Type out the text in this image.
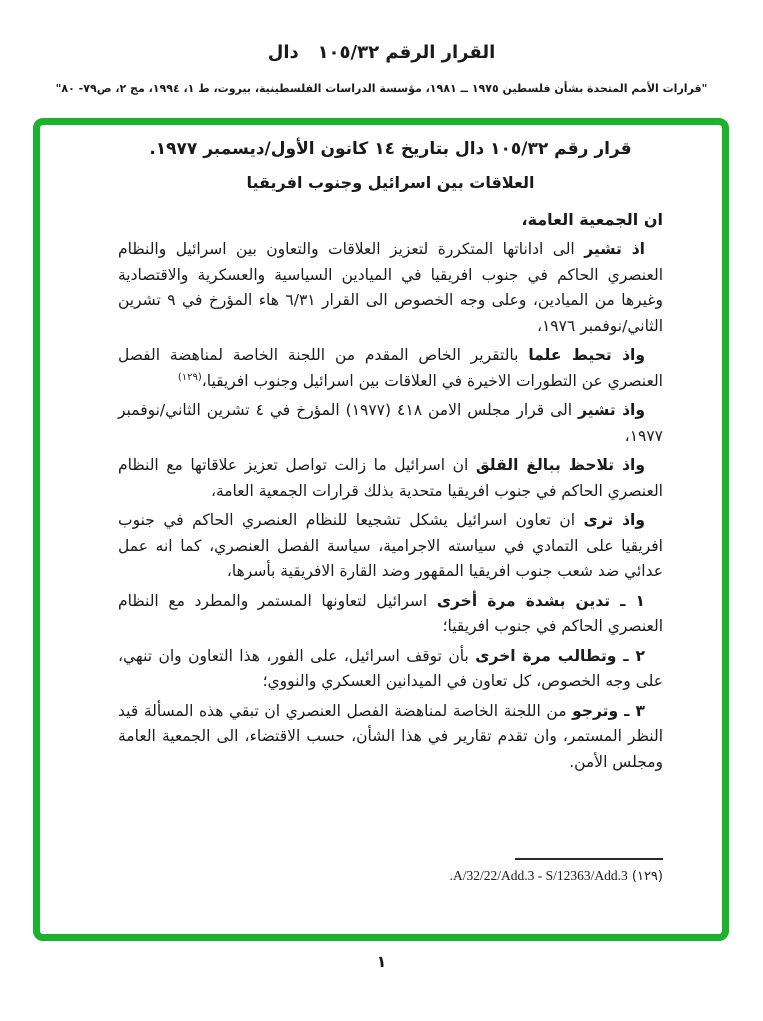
القرار الرقم ١٠٥/٣٢   دال
"قرارات الأمم المتحدة بشأن فلسطين ١٩٧٥ ــ ١٩٨١، مؤسسة الدراسات الفلسطينية، بيروت، ط ١، ١٩٩٤، مج ٢، ص٧٩- ٨٠"
قرار رقم ١٠٥/٣٢ دال بتاريخ ١٤ كانون الأول/ديسمبر ١٩٧٧.
العلاقات بين اسرائيل وجنوب افريقيا
ان الجمعية العامة،

اذ تشير الى اداناتها المتكررة لتعزيز العلاقات والتعاون بين اسرائيل والنظام العنصري الحاكم في جنوب افريقيا في الميادين السياسية والعسكرية والاقتصادية وغيرها من الميادين، وعلى وجه الخصوص الى القرار ٦/٣١ هاء المؤرخ في ٩ تشرين الثاني/نوفمبر ١٩٧٦،

واذ تحيط علما بالتقرير الخاص المقدم من اللجنة الخاصة لمناهضة الفصل العنصري عن التطورات الاخيرة في العلاقات بين اسرائيل وجنوب افريقيا،$^{(١٢٩)}$

واذ تشير الى قرار مجلس الامن ٤١٨ (١٩٧٧) المؤرخ في ٤ تشرين الثاني/نوفمبر ١٩٧٧،

واذ تلاحظ ببالغ القلق ان اسرائيل ما زالت تواصل تعزيز علاقاتها مع النظام العنصري الحاكم في جنوب افريقيا متحدية بذلك قرارات الجمعية العامة،

واذ ترى ان تعاون اسرائيل يشكل تشجيعا للنظام العنصري الحاكم في جنوب افريقيا على التمادي في سياسته الاجرامية، سياسة الفصل العنصري، كما انه عمل عدائي ضد شعب جنوب افريقيا المقهور وضد القارة الافريقية بأسرها،

١ ـ تدين بشدة مرة أخرى اسرائيل لتعاونها المستمر والمطرد مع النظام العنصري الحاكم في جنوب افريقيا؛

٢ ـ وتطالب مرة اخرى بأن توقف اسرائيل، على الفور، هذا التعاون وان تنهي، على وجه الخصوص، كل تعاون في الميدانين العسكري والنووي؛

٣ ـ وترجو من اللجنة الخاصة لمناهضة الفصل العنصري ان تبقي هذه المسألة قيد النظر المستمر، وان تقدم تقارير في هذا الشأن، حسب الاقتضاء، الى الجمعية العامة ومجلس الأمن.

(١٢٩) A/32/22/Add.3 - S/12363/Add.3.
١
